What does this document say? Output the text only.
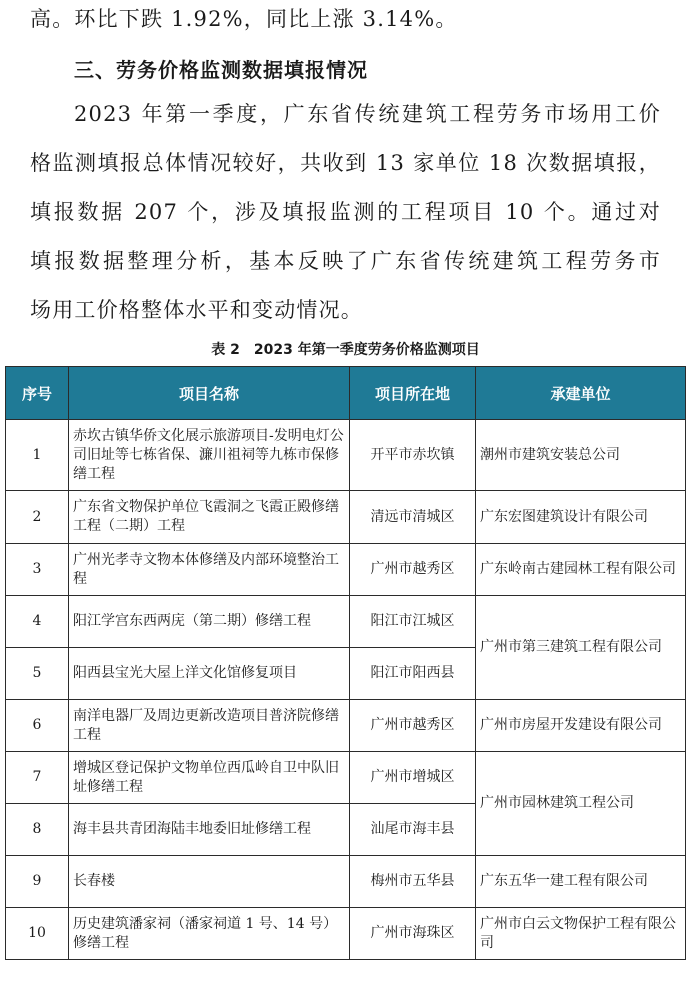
高。环比下跌 1.92%，同比上涨 3.14%。
三、劳务价格监测数据填报情况
2023 年第一季度，广东省传统建筑工程劳务市场用工价
格监测填报总体情况较好，共收到 13 家单位 18 次数据填报，
填报数据 207 个，涉及填报监测的工程项目 10 个。通过对
填报数据整理分析，基本反映了广东省传统建筑工程劳务市
场用工价格整体水平和变动情况。
表 2　2023 年第一季度劳务价格监测项目
序号	项目名称	项目所在地	承建单位
1	赤坎古镇华侨文化展示旅游项目-发明电灯公司旧址等七栋省保、濂川祖祠等九栋市保修缮工程	开平市赤坎镇	潮州市建筑安装总公司
2	广东省文物保护单位飞霞洞之飞霞正殿修缮工程（二期）工程	清远市清城区	广东宏图建筑设计有限公司
3	广州光孝寺文物本体修缮及内部环境整治工程	广州市越秀区	广东岭南古建园林工程有限公司
4	阳江学宫东西两庑（第二期）修缮工程	阳江市江城区	广州市第三建筑工程有限公司
5	阳西县宝光大屋上洋文化馆修复项目	阳江市阳西县	
6	南洋电器厂及周边更新改造项目普济院修缮工程	广州市越秀区	广州市房屋开发建设有限公司
7	增城区登记保护文物单位西瓜岭自卫中队旧址修缮工程	广州市增城区	广州市园林建筑工程公司
8	海丰县共青团海陆丰地委旧址修缮工程	汕尾市海丰县	
9	长春楼	梅州市五华县	广东五华一建工程有限公司
10	历史建筑潘家祠（潘家祠道 1 号、14 号）修缮工程	广州市海珠区	广州市白云文物保护工程有限公司
